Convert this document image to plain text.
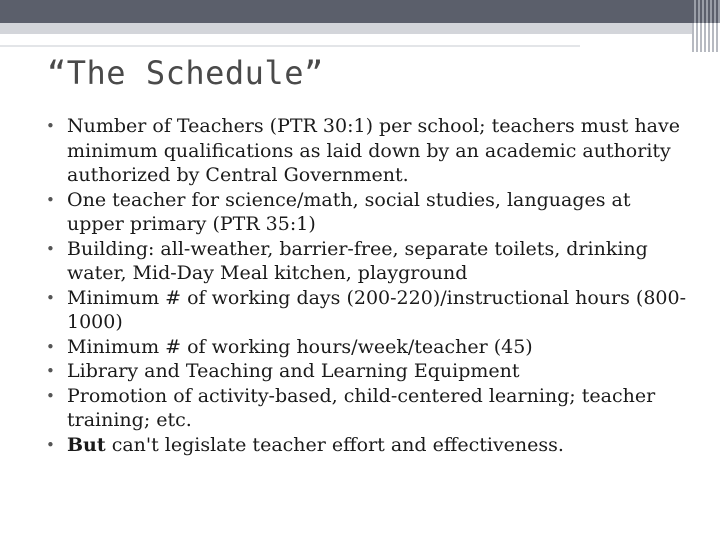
“The Schedule”
• Number of Teachers (PTR 30:1) per school; teachers must have minimum qualifications as laid down by an academic authority authorized by Central Government.
• One teacher for science/math, social studies, languages at upper primary (PTR 35:1)
• Building: all-weather, barrier-free, separate toilets, drinking water, Mid-Day Meal kitchen, playground
• Minimum # of working days (200-220)/instructional hours (800-1000)
• Minimum # of working hours/week/teacher (45)
• Library and Teaching and Learning Equipment
• Promotion of activity-based, child-centered learning; teacher training; etc.
• But can't legislate teacher effort and effectiveness.
